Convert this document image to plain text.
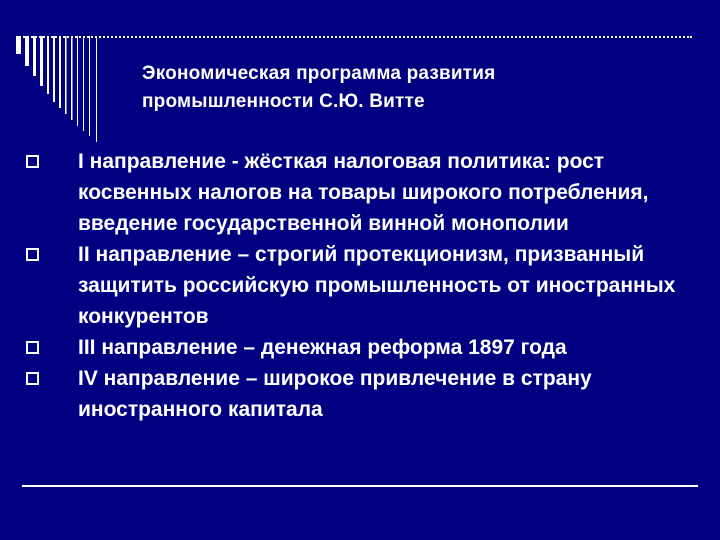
Экономическая программа развития
промышленности С.Ю. Витте
I направление - жёсткая налоговая политика: рост косвенных налогов на товары широкого потребления, введение государственной винной монополии
II направление – строгий протекционизм, призванный защитить российскую промышленность от иностранных конкурентов
III направление – денежная реформа 1897 года
IV направление – широкое привлечение в страну иностранного капитала
